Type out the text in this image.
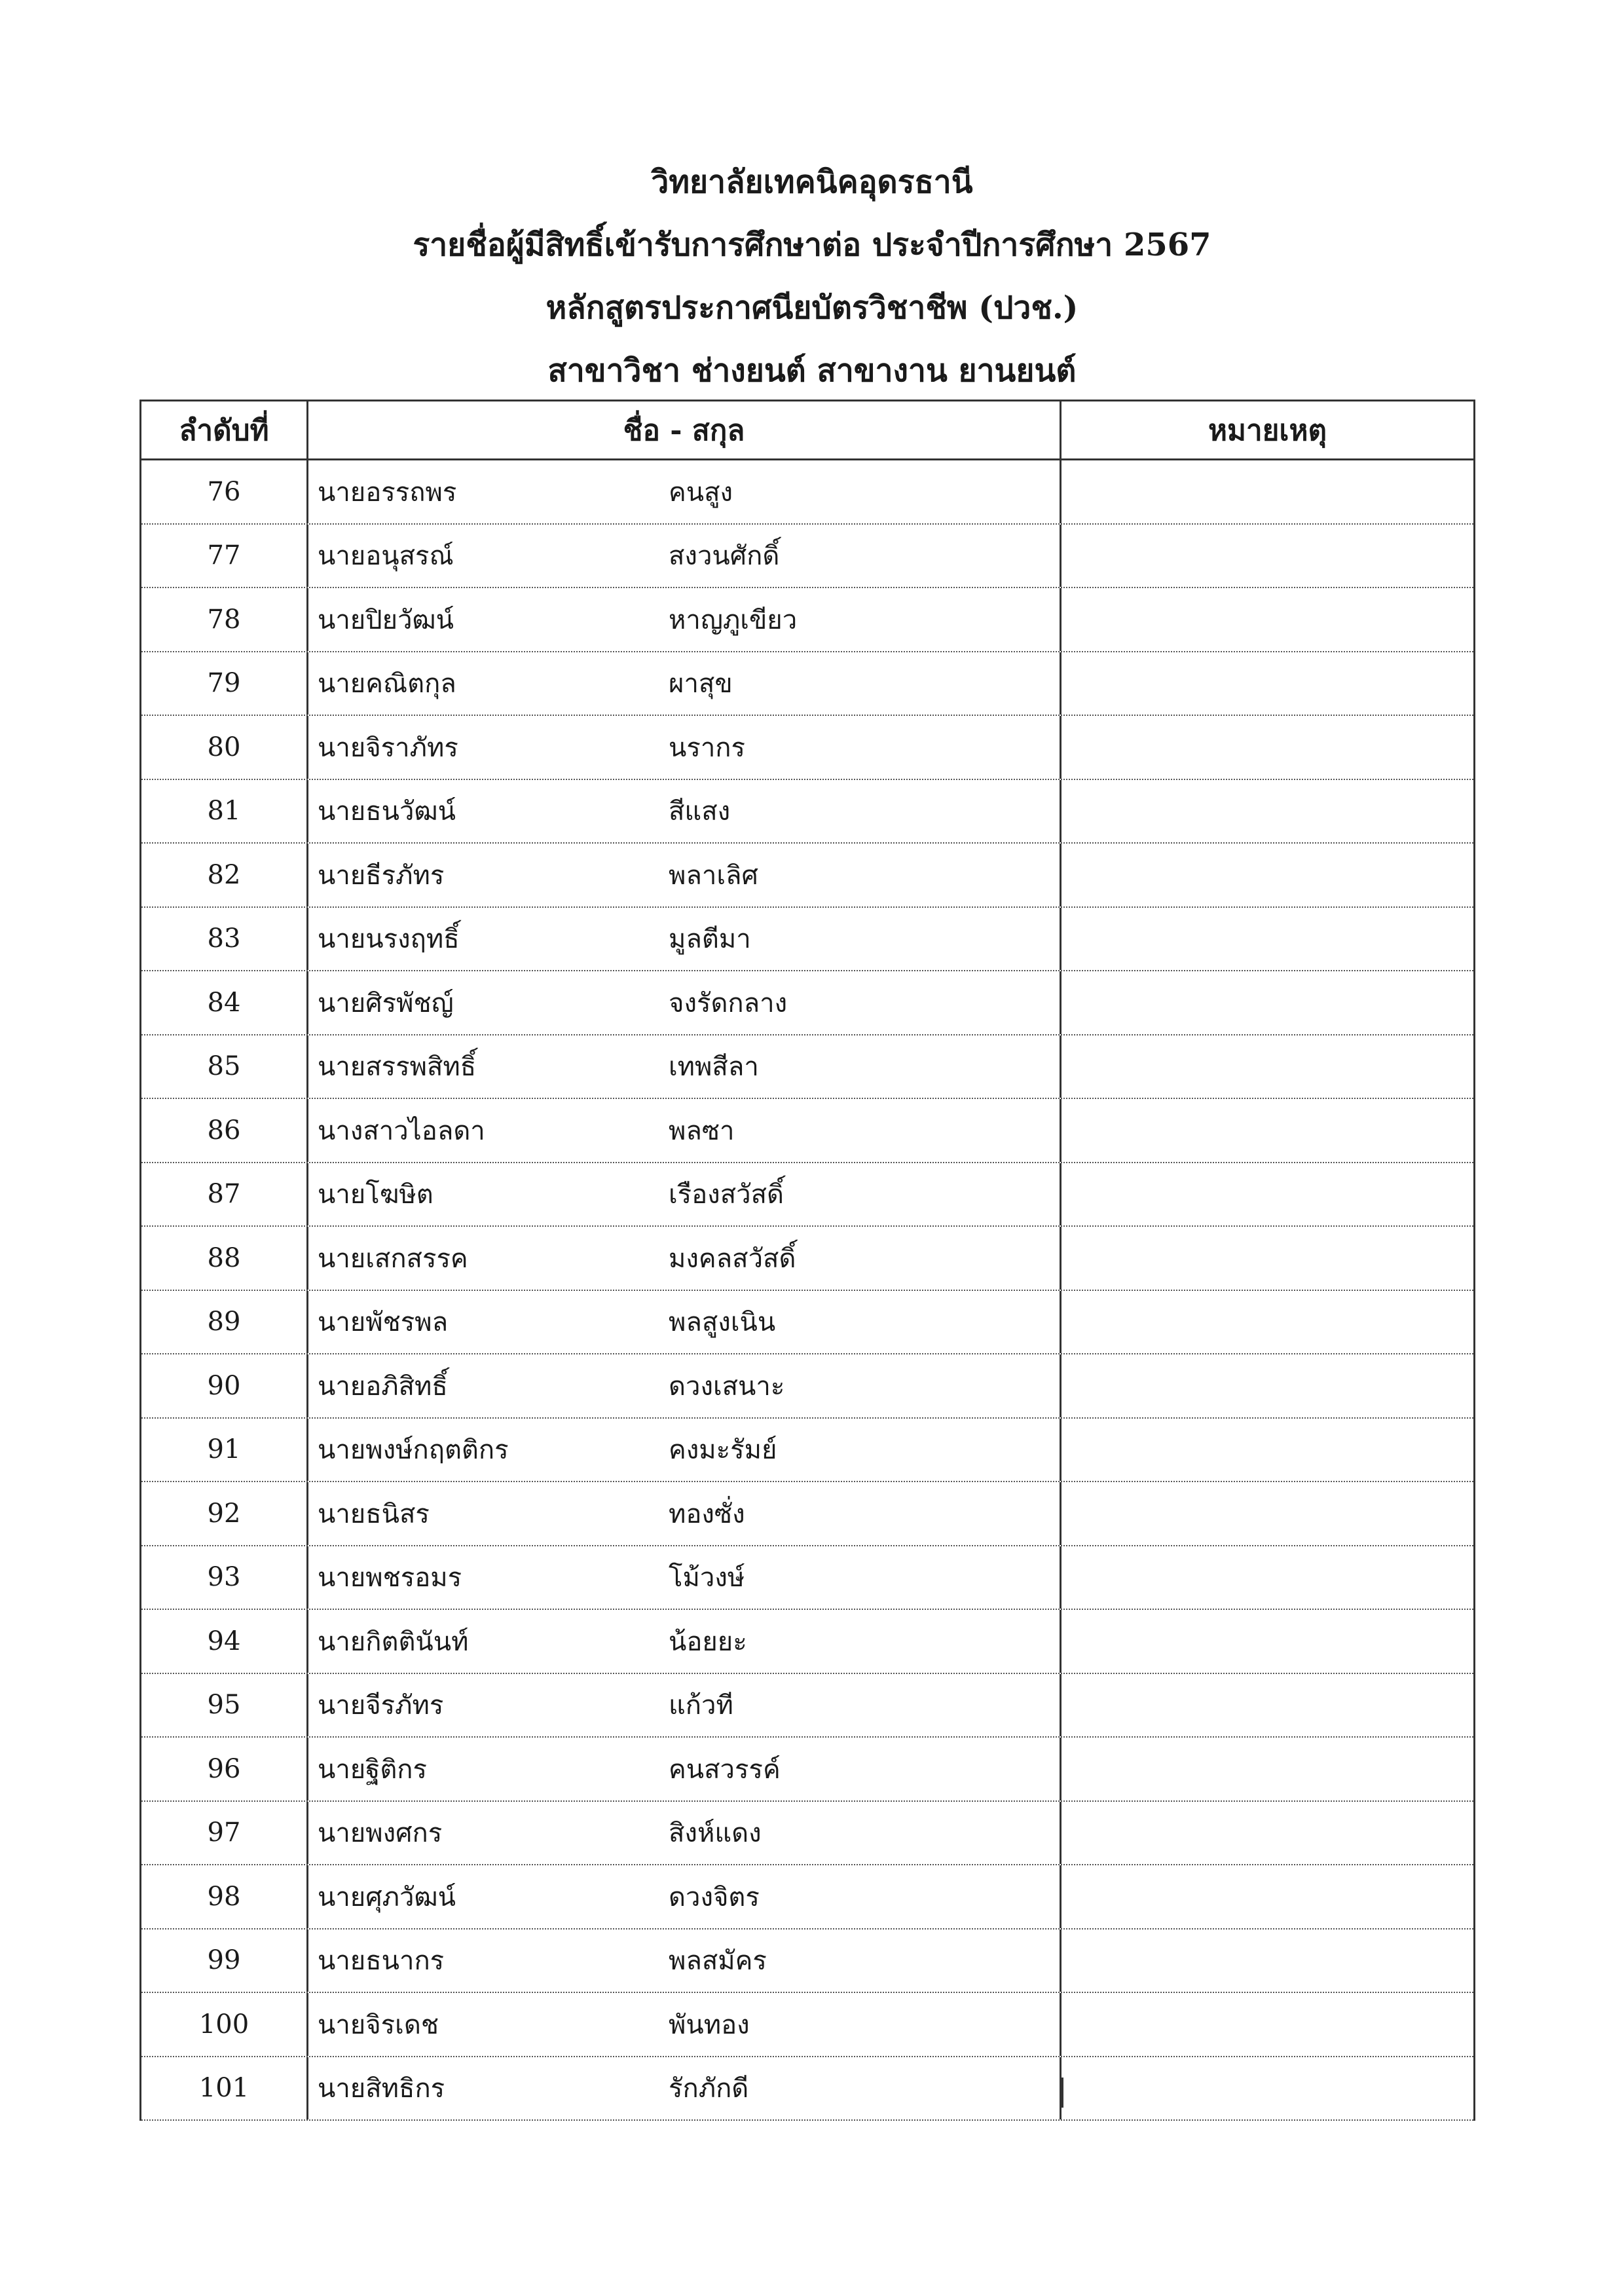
วิทยาลัยเทคนิคอุดรธานี
รายชื่อผู้มีสิทธิ์เข้ารับการศึกษาต่อ ประจำปีการศึกษา 2567
หลักสูตรประกาศนียบัตรวิชาชีพ (ปวช.)
สาขาวิชา ช่างยนต์ สาขางาน ยานยนต์
ลำดับที่	ชื่อ - สกุล	หมายเหตุ
76	นายอรรถพร	คนสูง
77	นายอนุสรณ์	สงวนศักดิ์
78	นายปิยวัฒน์	หาญภูเขียว
79	นายคณิตกุล	ผาสุข
80	นายจิราภัทร	นรากร
81	นายธนวัฒน์	สีแสง
82	นายธีรภัทร	พลาเลิศ
83	นายนรงฤทธิ์	มูลตีมา
84	นายศิรพัชญ์	จงรัดกลาง
85	นายสรรพสิทธิ์	เทพสีลา
86	นางสาวไอลดา	พลซา
87	นายโฆษิต	เรืองสวัสดิ์
88	นายเสกสรรค	มงคลสวัสดิ์
89	นายพัชรพล	พลสูงเนิน
90	นายอภิสิทธิ์	ดวงเสนาะ
91	นายพงษ์กฤตติกร	คงมะรัมย์
92	นายธนิสร	ทองซั่ง
93	นายพชรอมร	โม้วงษ์
94	นายกิตตินันท์	น้อยยะ
95	นายจีรภัทร	แก้วที
96	นายฐิติกร	คนสวรรค์
97	นายพงศกร	สิงห์แดง
98	นายศุภวัฒน์	ดวงจิตร
99	นายธนากร	พลสมัคร
100	นายจิรเดช	พันทอง
101	นายสิทธิกร	รักภักดี
